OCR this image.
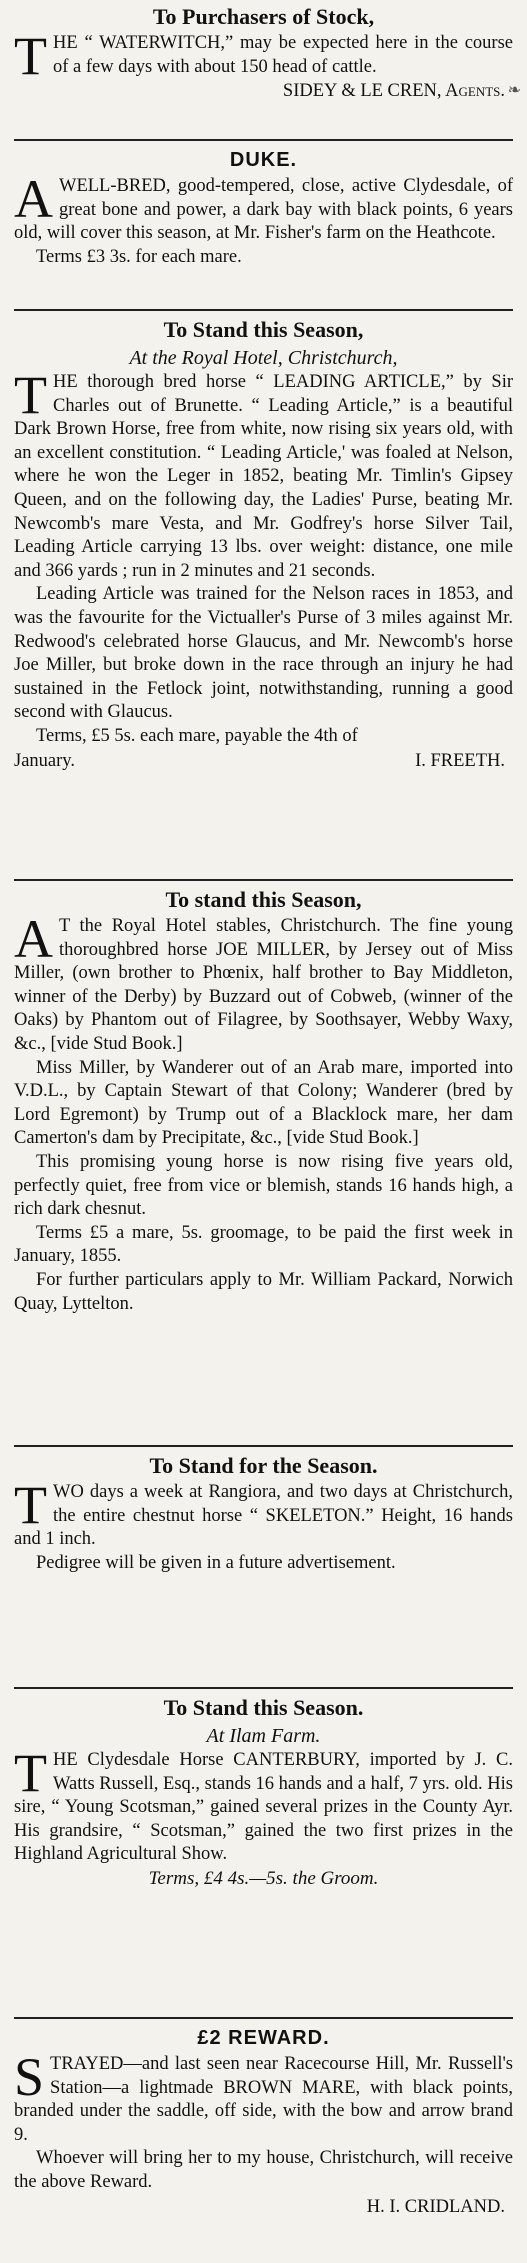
To Purchasers of Stock,
T HE “ WATERWITCH,” may be expected here in the course of a few days with about 150 head of cattle.

SIDEY & LE CREN, Agents. ❧
DUKE.
A WELL-BRED, good-tempered, close, active Clydesdale, of great bone and power, a dark bay with black points, 6 years old, will cover this season, at Mr. Fisher's farm on the Heathcote.

Terms £3 3s. for each mare.

To Stand this Season,
At the Royal Hotel, Christchurch,
T HE thorough bred horse “ LEADING ARTICLE,” by Sir Charles out of Brunette. “ Leading Article,” is a beautiful Dark Brown Horse, free from white, now rising six years old, with an excellent constitution. “ Leading Article,' was foaled at Nelson, where he won the Leger in 1852, beating Mr. Timlin's Gipsey Queen, and on the following day, the Ladies' Purse, beating Mr. Newcomb's mare Vesta, and Mr. Godfrey's horse Silver Tail, Leading Article carrying 13 lbs. over weight: distance, one mile and 366 yards ; run in 2 minutes and 21 seconds.

Leading Article was trained for the Nelson races in 1853, and was the favourite for the Victualler's Purse of 3 miles against Mr. Redwood's celebrated horse Glaucus, and Mr. Newcomb's horse Joe Miller, but broke down in the race through an injury he had sustained in the Fetlock joint, notwithstanding, running a good second with Glaucus.

Terms, £5 5s. each mare, payable the 4th of

January.	I. FREETH.
To stand this Season,
A T the Royal Hotel stables, Christchurch. The fine young thoroughbred horse JOE MILLER, by Jersey out of Miss Miller, (own brother to Phœnix, half brother to Bay Middleton, winner of the Derby) by Buzzard out of Cobweb, (winner of the Oaks) by Phantom out of Filagree, by Soothsayer, Webby Waxy, &c., [vide Stud Book.]

Miss Miller, by Wanderer out of an Arab mare, imported into V.D.L., by Captain Stewart of that Colony; Wanderer (bred by Lord Egremont) by Trump out of a Blacklock mare, her dam Camerton's dam by Precipitate, &c., [vide Stud Book.]

This promising young horse is now rising five years old, perfectly quiet, free from vice or blemish, stands 16 hands high, a rich dark chesnut.

Terms £5 a mare, 5s. groomage, to be paid the first week in January, 1855.

For further particulars apply to Mr. William Packard, Norwich Quay, Lyttelton.

To Stand for the Season.
T WO days a week at Rangiora, and two days at Christchurch, the entire chestnut horse “ SKELETON.” Height, 16 hands and 1 inch.

Pedigree will be given in a future advertisement.

To Stand this Season.
At Ilam Farm.
T HE Clydesdale Horse CANTERBURY, imported by J. C. Watts Russell, Esq., stands 16 hands and a half, 7 yrs. old. His sire, “ Young Scotsman,” gained several prizes in the County Ayr. His grandsire, “ Scotsman,” gained the two first prizes in the Highland Agricultural Show.

Terms, £4 4s.—5s. the Groom.
£2 REWARD.
S TRAYED—and last seen near Racecourse Hill, Mr. Russell's Station—a lightmade BROWN MARE, with black points, branded under the saddle, off side, with the bow and arrow brand 9.

Whoever will bring her to my house, Christchurch, will receive the above Reward.

H. I. CRIDLAND.
